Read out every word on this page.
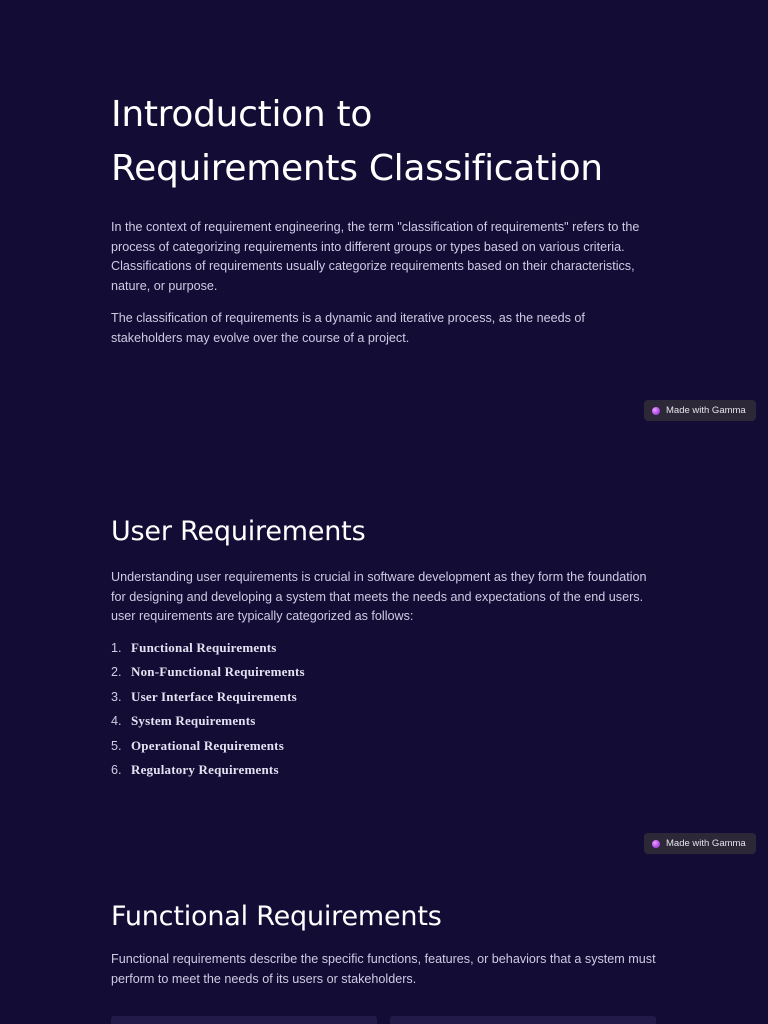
Introduction to
Requirements Classification

In the context of requirement engineering, the term "classification of requirements" refers to the process of categorizing requirements into different groups or types based on various criteria. Classifications of requirements usually categorize requirements based on their characteristics, nature, or purpose.

The classification of requirements is a dynamic and iterative process, as the needs of stakeholders may evolve over the course of a project.

Made with Gamma
User Requirements

Understanding user requirements is crucial in software development as they form the foundation for designing and developing a system that meets the needs and expectations of the end users. user requirements are typically categorized as follows:

1. Functional Requirements
2. Non-Functional Requirements
3. User Interface Requirements
4. System Requirements
5. Operational Requirements
6. Regulatory Requirements
Made with Gamma
Functional Requirements

Functional requirements describe the specific functions, features, or behaviors that a system must perform to meet the needs of its users or stakeholders.
